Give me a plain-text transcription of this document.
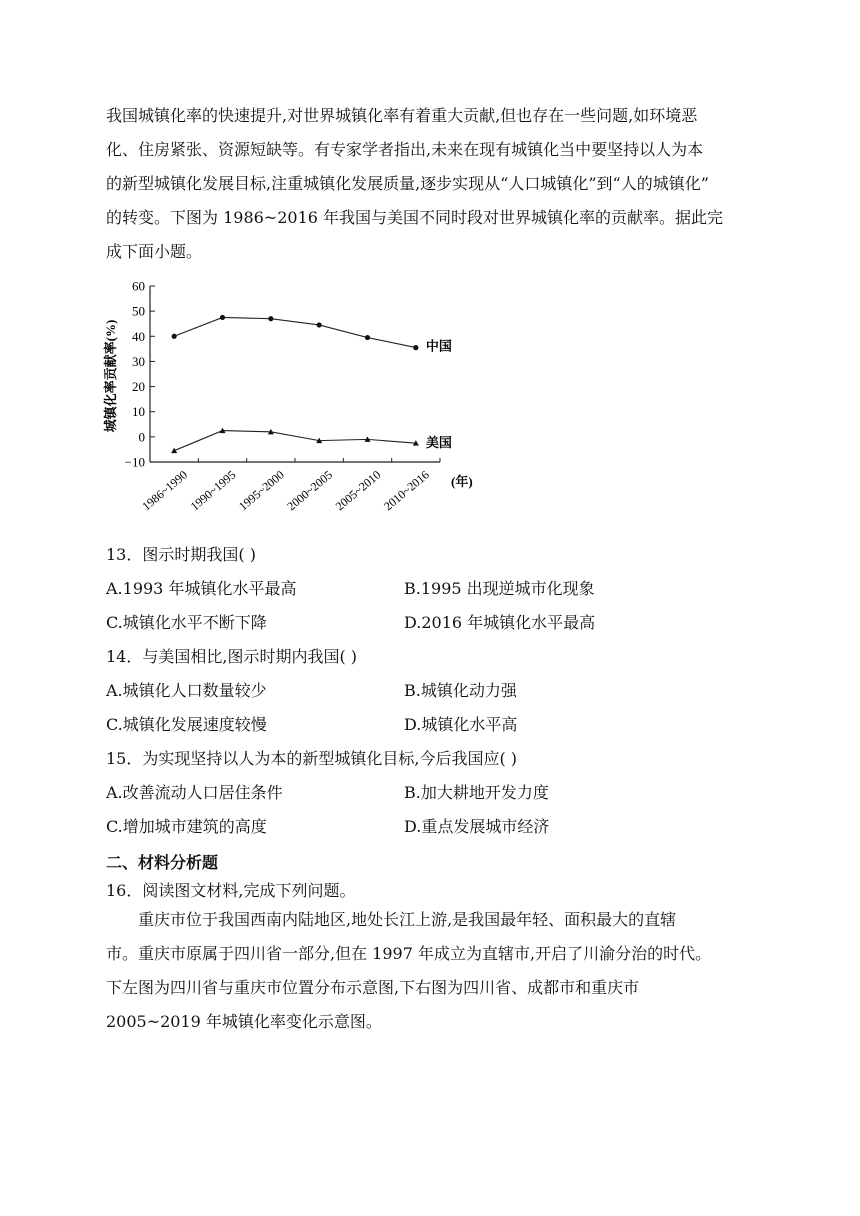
我国城镇化率的快速提升,对世界城镇化率有着重大贡献,但也存在一些问题,如环境恶
化、住房紧张、资源短缺等。有专家学者指出,未来在现有城镇化当中要坚持以人为本
的新型城镇化发展目标,注重城镇化发展质量,逐步实现从“人口城镇化”到“人的城镇化”
的转变。下图为 1986~2016 年我国与美国不同时段对世界城镇化率的贡献率。据此完
成下面小题。
60
50
40
30
20
10
0
−10
1986~1990
1990~1995
1995~2000
2000~2005
2005~2010
2010~2016
中国
美国
城镇化率贡献率(%)
(年)
13．图示时期我国( )
A.1993 年城镇化水平最高	B.1995 出现逆城市化现象
C.城镇化水平不断下降	D.2016 年城镇化水平最高
14．与美国相比,图示时期内我国( )
A.城镇化人口数量较少	B.城镇化动力强
C.城镇化发展速度较慢	D.城镇化水平高
15．为实现坚持以人为本的新型城镇化目标,今后我国应( )
A.改善流动人口居住条件	B.加大耕地开发力度
C.增加城市建筑的高度	D.重点发展城市经济
二、材料分析题
16．阅读图文材料,完成下列问题。
重庆市位于我国西南内陆地区,地处长江上游,是我国最年轻、面积最大的直辖
市。重庆市原属于四川省一部分,但在 1997 年成立为直辖市,开启了川渝分治的时代。
下左图为四川省与重庆市位置分布示意图,下右图为四川省、成都市和重庆市
2005~2019 年城镇化率变化示意图。
